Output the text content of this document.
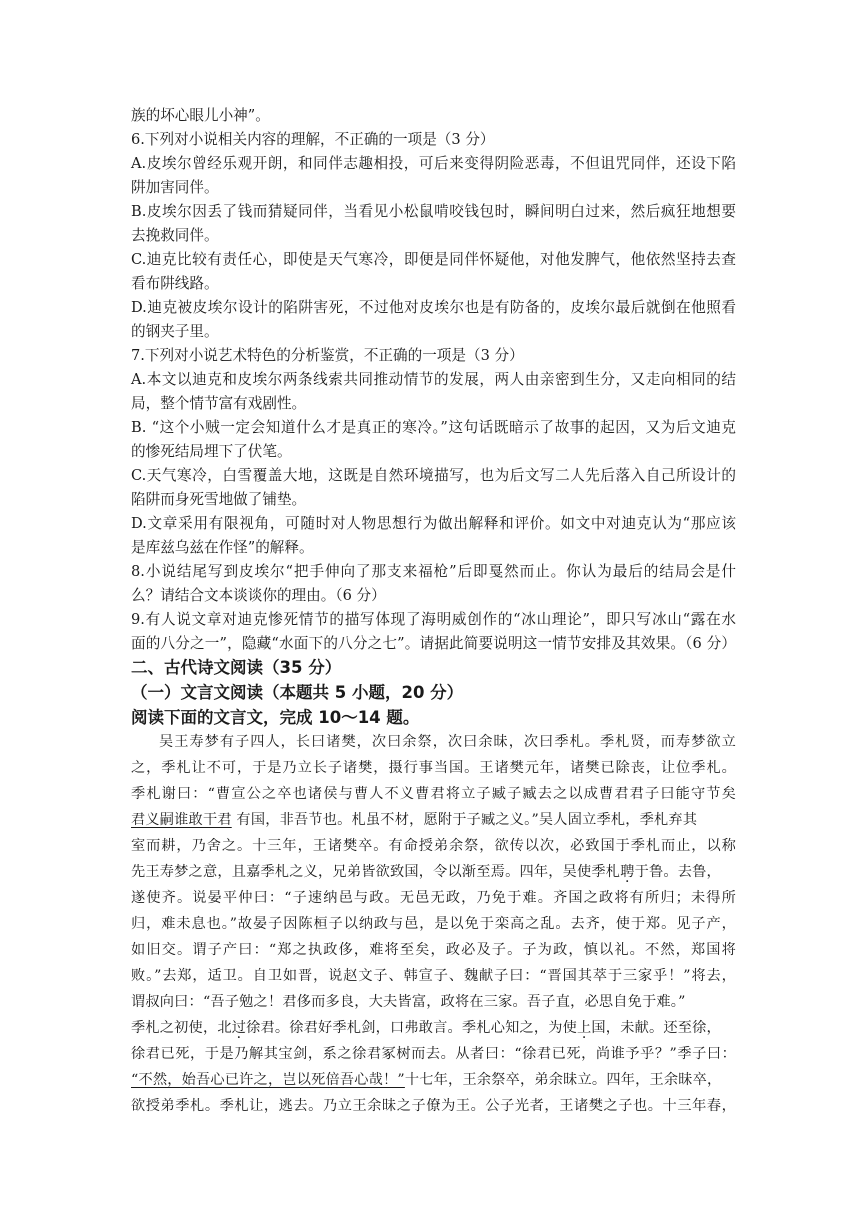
族的坏心眼儿小神”。
6.下列对小说相关内容的理解，不正确的一项是（3 分）
A.皮埃尔曾经乐观开朗，和同伴志趣相投，可后来变得阴险恶毒，不但诅咒同伴，还设下陷
阱加害同伴。
B.皮埃尔因丢了钱而猜疑同伴，当看见小松鼠啃咬钱包时，瞬间明白过来，然后疯狂地想要
去挽救同伴。
C.迪克比较有责任心，即使是天气寒冷，即便是同伴怀疑他，对他发脾气，他依然坚持去查
看布阱线路。
D.迪克被皮埃尔设计的陷阱害死，不过他对皮埃尔也是有防备的，皮埃尔最后就倒在他照看
的钢夹子里。
7.下列对小说艺术特色的分析鉴赏，不正确的一项是（3 分）
A.本文以迪克和皮埃尔两条线索共同推动情节的发展，两人由亲密到生分，又走向相同的结
局，整个情节富有戏剧性。
B. “这个小贼一定会知道什么才是真正的寒冷。”这句话既暗示了故事的起因，又为后文迪克
的惨死结局埋下了伏笔。
C.天气寒冷，白雪覆盖大地，这既是自然环境描写，也为后文写二人先后落入自己所设计的
陷阱而身死雪地做了铺垫。
D.文章采用有限视角，可随时对人物思想行为做出解释和评价。如文中对迪克认为“那应该
是库兹乌兹在作怪”的解释。
8.小说结尾写到皮埃尔“把手伸向了那支来福枪”后即戛然而止。你认为最后的结局会是什
么？请结合文本谈谈你的理由。（6 分）
9.有人说文章对迪克惨死情节的描写体现了海明威创作的“冰山理论”，即只写冰山“露在水
面的八分之一”，隐藏“水面下的八分之七”。请据此简要说明这一情节安排及其效果。（6 分）
二、古代诗文阅读（35 分）
（一）文言文阅读（本题共 5 小题，20 分）
阅读下面的文言文，完成 10～14 题。
吴王寿梦有子四人，长曰诸樊，次曰余祭，次曰余昧，次曰季札。季札贤，而寿梦欲立
之，季札让不可，于是乃立长子诸樊，摄行事当国。王诸樊元年，诸樊已除丧，让位季札。
季札谢曰：“曹宣公之卒也诸侯与曹人不义曹君将立子臧子臧去之以成曹君君子曰能守节矣
君义嗣谁敢干君 有国，非吾节也。札虽不材，愿附于子臧之义。”吴人固立季札，季札弃其
室而耕，乃舍之。十三年，王诸樊卒。有命授弟余祭，欲传以次，必致国于季札而止，以称
先王寿梦之意，且嘉季札之义，兄弟皆欲致国，令以渐至焉。四年，吴使季札聘于鲁。去鲁，
遂使齐。说晏平仲曰：“子速纳邑与政。无邑无政，乃免于难。齐国之政将有所归；未得所
归，难未息也。”故晏子因陈桓子以纳政与邑，是以免于栾高之乱。去齐，使于郑。见子产，
如旧交。谓子产曰：“郑之执政侈，难将至矣，政必及子。子为政，慎以礼。不然，郑国将
败。”去郑，适卫。自卫如晋，说赵文子、韩宣子、魏献子曰：“晋国其萃于三家乎！”将去，
谓叔向曰：“吾子勉之！君侈而多良，大夫皆富，政将在三家。吾子直，必思自免于难。”
季札之初使，北过徐君。徐君好季札剑，口弗敢言。季札心知之，为使上国，未献。还至徐，
徐君已死，于是乃解其宝剑，系之徐君冢树而去。从者曰：“徐君已死，尚谁予乎？”季子曰：
“不然，始吾心已许之，岂以死倍吾心哉！”十七年，王余祭卒，弟余昧立。四年，王余昧卒，
欲授弟季札。季札让，逃去。乃立王余昧之子僚为王。公子光者，王诸樊之子也。十三年春，
